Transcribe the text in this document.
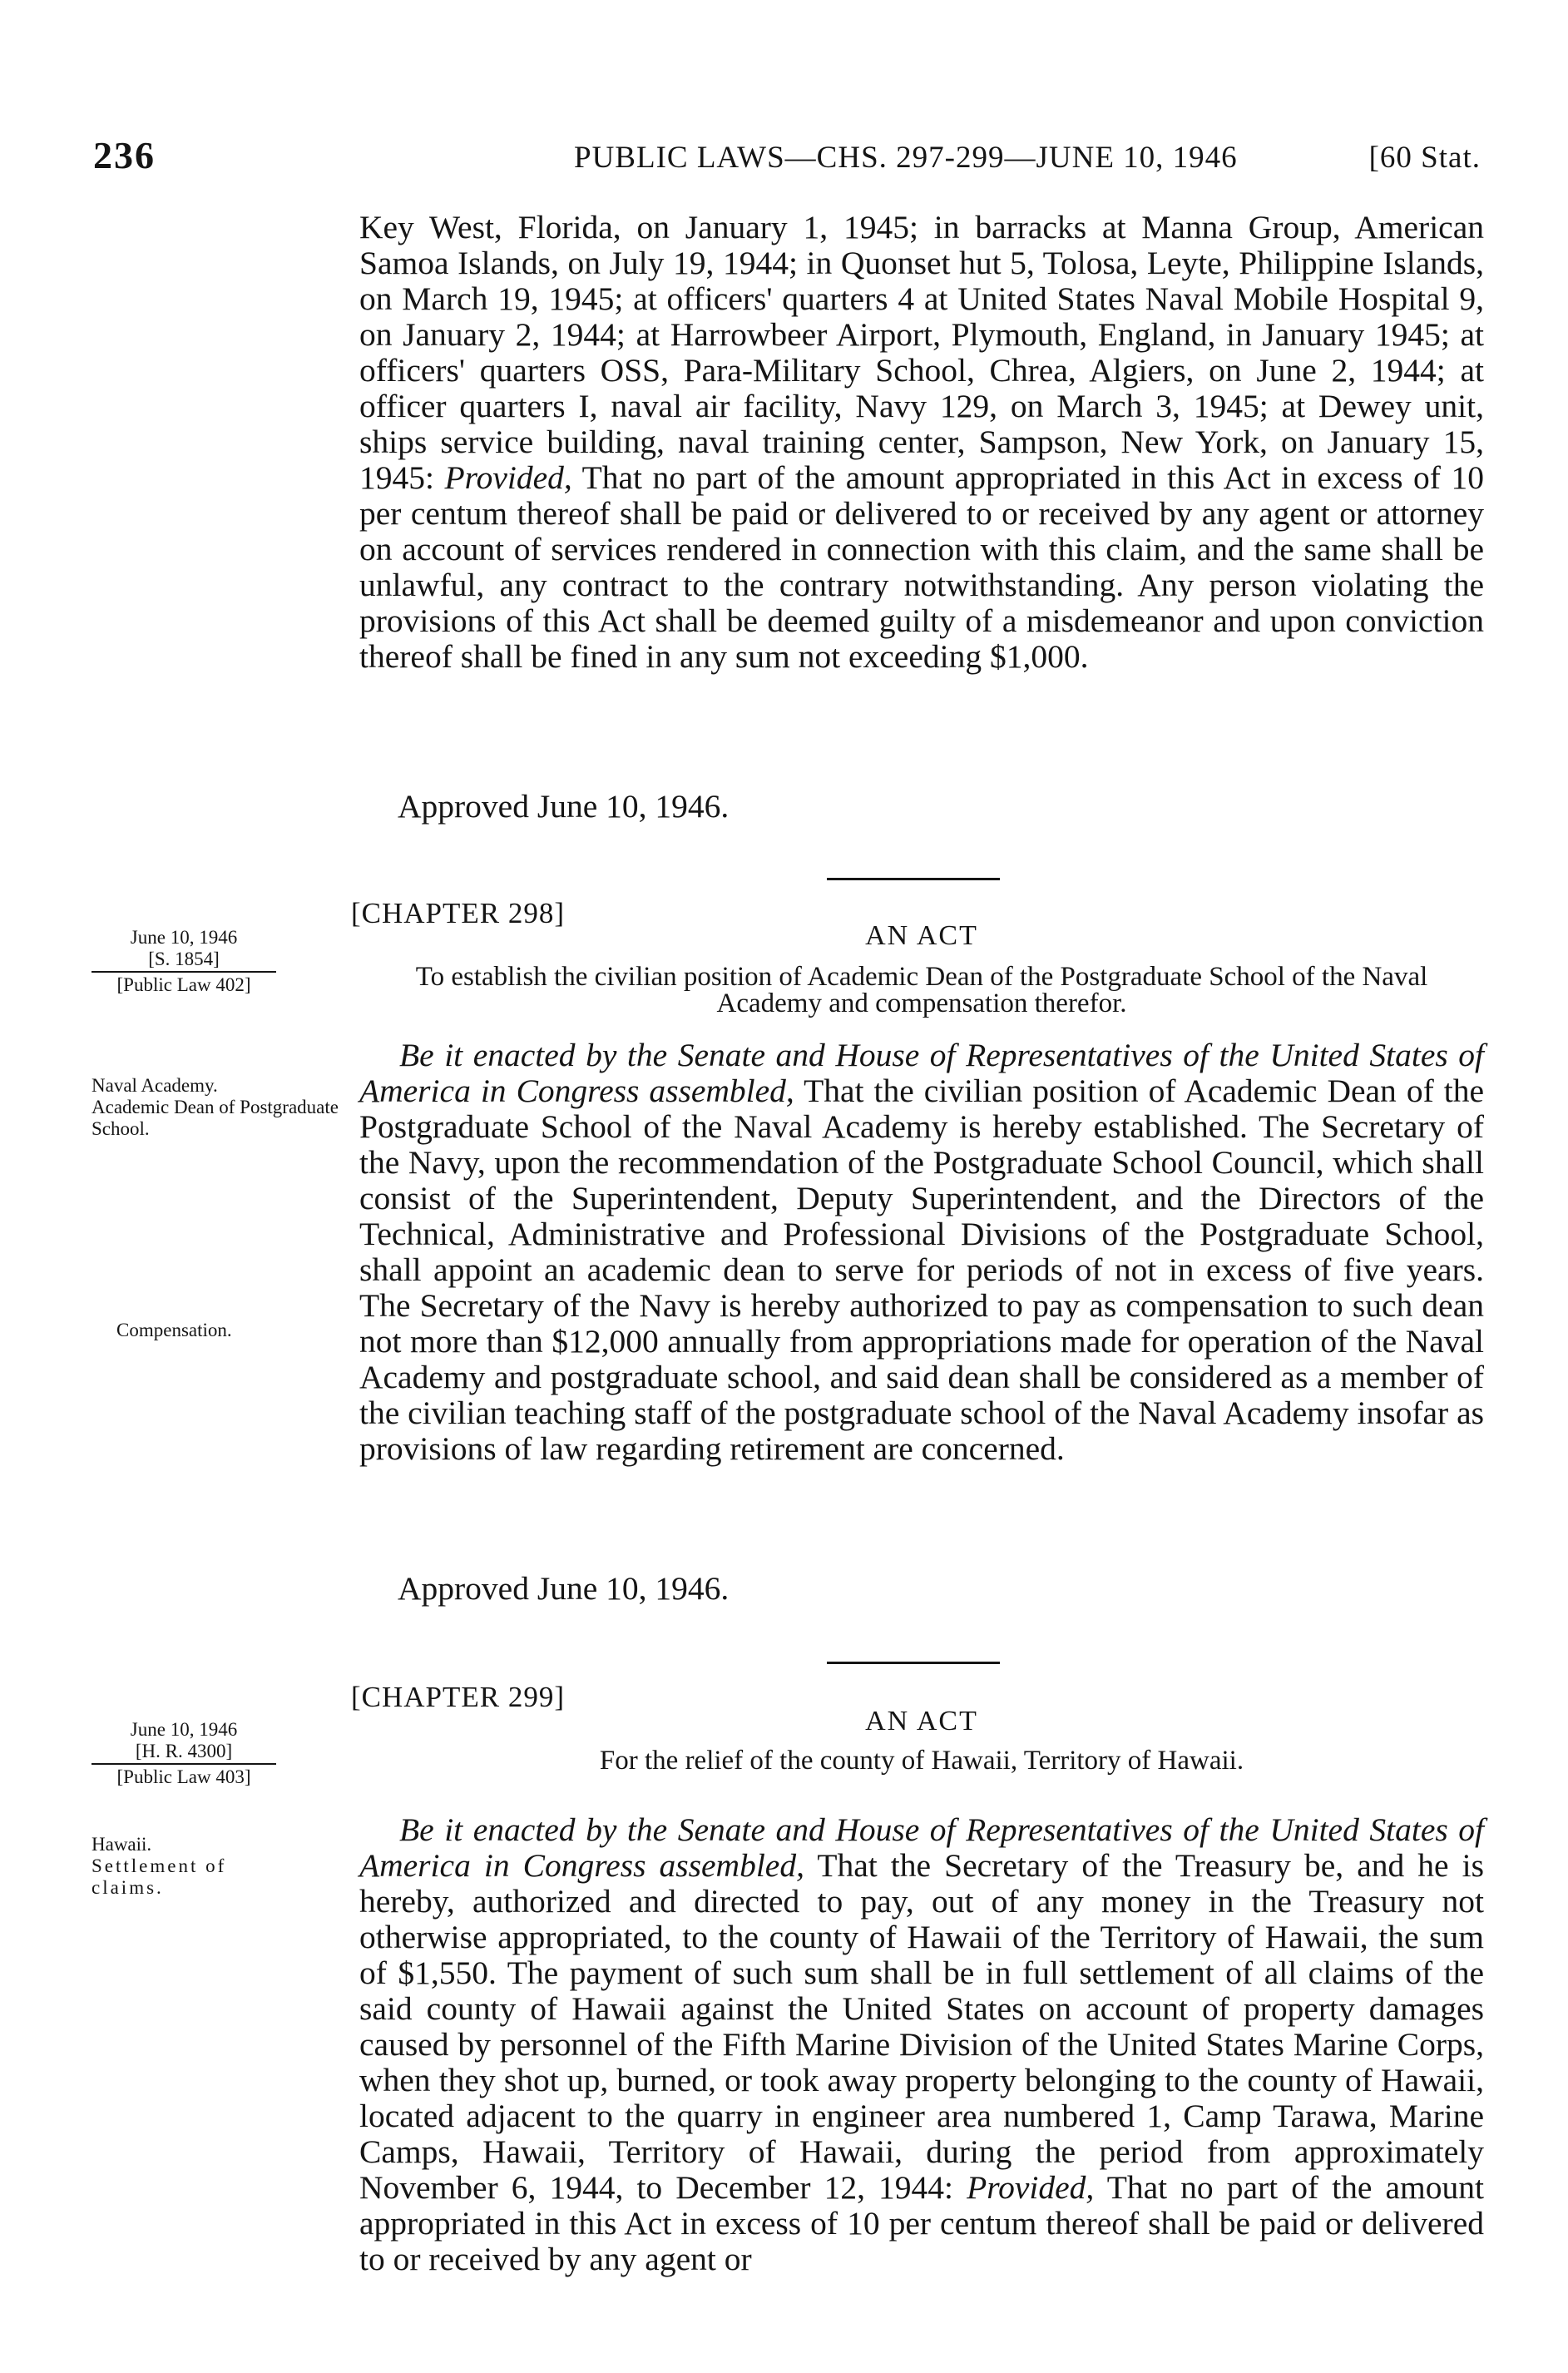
236	PUBLIC LAWS—CHS. 297-299—JUNE 10, 1946	[60 Stat.

Key West, Florida, on January 1, 1945; in barracks at Manna Group, American Samoa Islands, on July 19, 1944; in Quonset hut 5, Tolosa, Leyte, Philippine Islands, on March 19, 1945; at officers' quarters 4 at United States Naval Mobile Hospital 9, on January 2, 1944; at Harrowbeer Airport, Plymouth, England, in January 1945; at officers' quarters OSS, Para-Military School, Chrea, Algiers, on June 2, 1944; at officer quarters I, naval air facility, Navy 129, on March 3, 1945; at Dewey unit, ships service building, naval training center, Sampson, New York, on January 15, 1945: Provided, That no part of the amount appropriated in this Act in excess of 10 per centum thereof shall be paid or delivered to or received by any agent or attorney on account of services rendered in connection with this claim, and the same shall be unlawful, any contract to the contrary notwithstanding. Any person violating the provisions of this Act shall be deemed guilty of a misdemeanor and upon conviction thereof shall be fined in any sum not exceeding $1,000.

Approved June 10, 1946.
[CHAPTER 298]
AN ACT
To establish the civilian position of Academic Dean of the Postgraduate School of the Naval Academy and compensation therefor.
June 10, 1946
[S. 1854]
[Public Law 402]
Naval Academy.
Academic Dean of Postgraduate School.
Compensation.

Be it enacted by the Senate and House of Representatives of the United States of America in Congress assembled, That the civilian position of Academic Dean of the Postgraduate School of the Naval Academy is hereby established. The Secretary of the Navy, upon the recommendation of the Postgraduate School Council, which shall consist of the Superintendent, Deputy Superintendent, and the Directors of the Technical, Administrative and Professional Divisions of the Postgraduate School, shall appoint an academic dean to serve for periods of not in excess of five years. The Secretary of the Navy is hereby authorized to pay as compensation to such dean not more than $12,000 annually from appropriations made for operation of the Naval Academy and postgraduate school, and said dean shall be considered as a member of the civilian teaching staff of the postgraduate school of the Naval Academy insofar as provisions of law regarding retirement are concerned.

Approved June 10, 1946.
[CHAPTER 299]
AN ACT
For the relief of the county of Hawaii, Territory of Hawaii.
June 10, 1946
[H. R. 4300]
[Public Law 403]
Hawaii.
Settlement of claims.

Be it enacted by the Senate and House of Representatives of the United States of America in Congress assembled, That the Secretary of the Treasury be, and he is hereby, authorized and directed to pay, out of any money in the Treasury not otherwise appropriated, to the county of Hawaii of the Territory of Hawaii, the sum of $1,550. The payment of such sum shall be in full settlement of all claims of the said county of Hawaii against the United States on account of property damages caused by personnel of the Fifth Marine Division of the United States Marine Corps, when they shot up, burned, or took away property belonging to the county of Hawaii, located adjacent to the quarry in engineer area numbered 1, Camp Tarawa, Marine Camps, Hawaii, Territory of Hawaii, during the period from approximately November 6, 1944, to December 12, 1944: Provided, That no part of the amount appropriated in this Act in excess of 10 per centum thereof shall be paid or delivered to or received by any agent or
